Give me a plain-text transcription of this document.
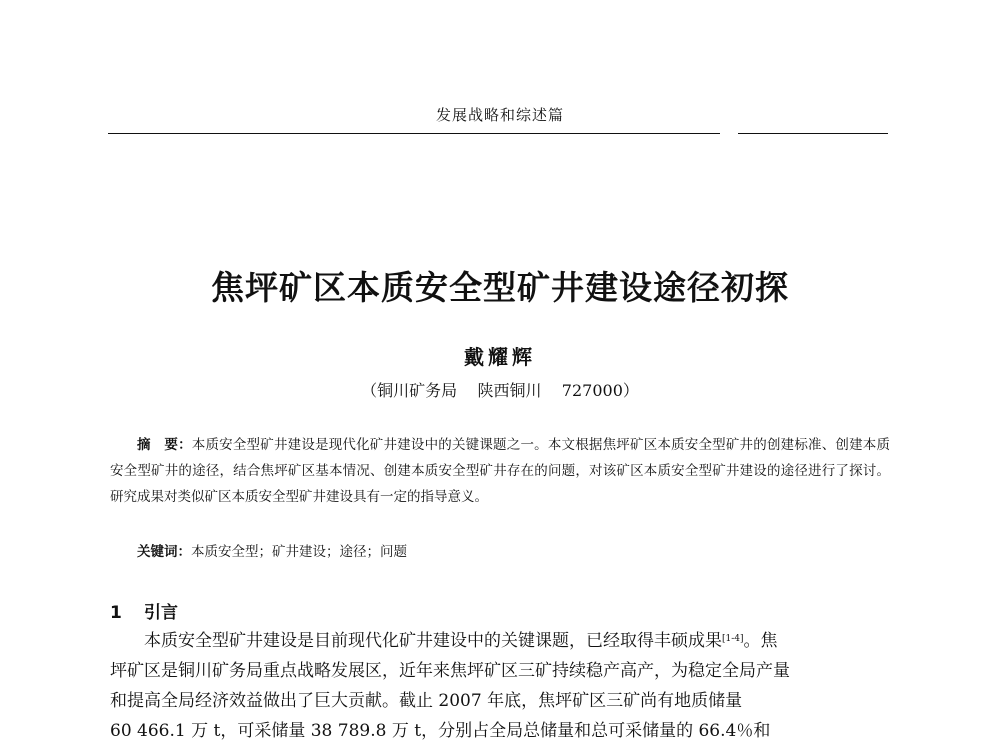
发展战略和综述篇
焦坪矿区本质安全型矿井建设途径初探
戴耀辉
（铜川矿务局    陕西铜川    727000）
摘　要：本质安全型矿井建设是现代化矿井建设中的关键课题之一。本文根据焦坪矿区本质安全型矿井的创建标准、创建本质安全型矿井的途径，结合焦坪矿区基本情况、创建本质安全型矿井存在的问题，对该矿区本质安全型矿井建设的途径进行了探讨。研究成果对类似矿区本质安全型矿井建设具有一定的指导意义。
关键词：本质安全型；矿井建设；途径；问题
1 引言
本质安全型矿井建设是目前现代化矿井建设中的关键课题，已经取得丰硕成果[1-4]。焦
坪矿区是铜川矿务局重点战略发展区，近年来焦坪矿区三矿持续稳产高产，为稳定全局产量
和提高全局经济效益做出了巨大贡献。截止 2007 年底，焦坪矿区三矿尚有地质储量
60 466.1 万 t，可采储量 38 789.8 万 t，分别占全局总储量和总可采储量的 66.4％和
